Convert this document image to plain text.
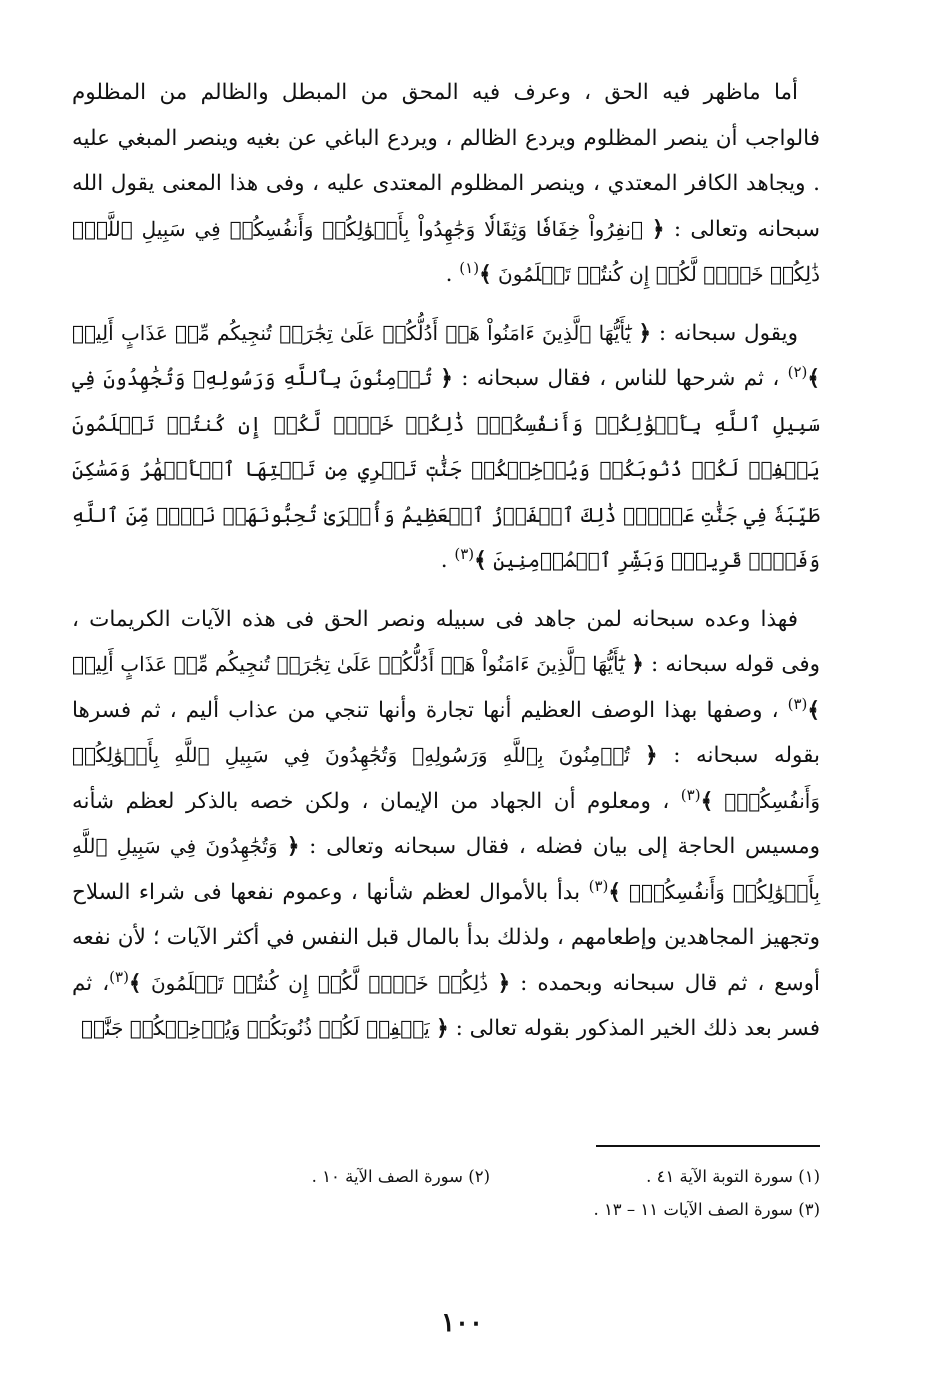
أما ماظهر فيه الحق ، وعرف فيه المحق من المبطل والظالم من المظلوم فالواجب أن ينصر المظلوم ويردع الظالم ، ويردع الباغي عن بغيه وينصر المبغي عليه . ويجاهد الكافر المعتدي ، وينصر المظلوم المعتدى عليه ، وفى هذا المعنى يقول الله سبحانه وتعالى : ﴿ ٱنفِرُواْ خِفَافٗا وَثِقَالٗا وَجَٰهِدُواْ بِأَمۡوَٰلِكُمۡ وَأَنفُسِكُمۡ فِي سَبِيلِ ٱللَّهِۚ ذَٰلِكُمۡ خَيۡرٞ لَّكُمۡ إِن كُنتُمۡ تَعۡلَمُونَ ﴾$^{(١)}$ .

ويقول سبحانه : ﴿ يَٰٓأَيُّهَا ٱلَّذِينَ ءَامَنُواْ هَلۡ أَدُلُّكُمۡ عَلَىٰ تِجَٰرَةٖ تُنجِيكُم مِّنۡ عَذَابٍ أَلِيمٖ ﴾$^{(٢)}$ ، ثم شرحها للناس ، فقال سبحانه : ﴿ تُؤۡمِنُونَ بِٱللَّهِ وَرَسُولِهِۦ وَتُجَٰهِدُونَ فِي سَبِيلِ ٱللَّهِ بِأَمۡوَٰلِكُمۡ وَأَنفُسِكُمۡۚ ذَٰلِكُمۡ خَيۡرٞ لَّكُمۡ إِن كُنتُمۡ تَعۡلَمُونَ يَغۡفِرۡ لَكُمۡ ذُنُوبَكُمۡ وَيُدۡخِلۡكُمۡ جَنَّٰتٖ تَجۡرِي مِن تَحۡتِهَا ٱلۡأَنۡهَٰرُ وَمَسَٰكِنَ طَيِّبَةٗ فِي جَنَّٰتِ عَدۡنٖۚ ذَٰلِكَ ٱلۡفَوۡزُ ٱلۡعَظِيمُ وَأُخۡرَىٰ تُحِبُّونَهَاۖ نَصۡرٞ مِّنَ ٱللَّهِ وَفَتۡحٞ قَرِيبٞۗ وَبَشِّرِ ٱلۡمُؤۡمِنِينَ ﴾$^{(٣)}$ .

فهذا وعده سبحانه لمن جاهد فى سبيله ونصر الحق فى هذه الآيات الكريمات ، وفى قوله سبحانه : ﴿ يَٰٓأَيُّهَا ٱلَّذِينَ ءَامَنُواْ هَلۡ أَدُلُّكُمۡ عَلَىٰ تِجَٰرَةٖ تُنجِيكُم مِّنۡ عَذَابٍ أَلِيمٖ ﴾$^{(٣)}$ ، وصفها بهذا الوصف العظيم أنها تجارة وأنها تنجي من عذاب أليم ، ثم فسرها بقوله سبحانه : ﴿ تُؤۡمِنُونَ بِٱللَّهِ وَرَسُولِهِۦ وَتُجَٰهِدُونَ فِي سَبِيلِ ٱللَّهِ بِأَمۡوَٰلِكُمۡ وَأَنفُسِكُمۡۚ ﴾$^{(٣)}$ ، ومعلوم أن الجهاد من الإيمان ، ولكن خصه بالذكر لعظم شأنه ومسيس الحاجة إلى بيان فضله ، فقال سبحانه وتعالى : ﴿ وَتُجَٰهِدُونَ فِي سَبِيلِ ٱللَّهِ بِأَمۡوَٰلِكُمۡ وَأَنفُسِكُمۡۚ ﴾$^{(٣)}$ بدأ بالأموال لعظم شأنها ، وعموم نفعها فى شراء السلاح وتجهيز المجاهدين وإطعامهم ، ولذلك بدأ بالمال قبل النفس في أكثر الآيات ؛ لأن نفعه أوسع ، ثم قال سبحانه وبحمده : ﴿ ذَٰلِكُمۡ خَيۡرٞ لَّكُمۡ إِن كُنتُمۡ تَعۡلَمُونَ ﴾$^{(٣)}$، ثم فسر بعد ذلك الخير المذكور بقوله تعالى : ﴿ يَغۡفِرۡ لَكُمۡ ذُنُوبَكُمۡ وَيُدۡخِلۡكُمۡ جَنَّٰتٖ

(١) سورة التوبة الآية ٤١ .
(٢) سورة الصف الآية ١٠ .
(٣) سورة الصف الآيات ١١ – ١٣ .
١٠٠
